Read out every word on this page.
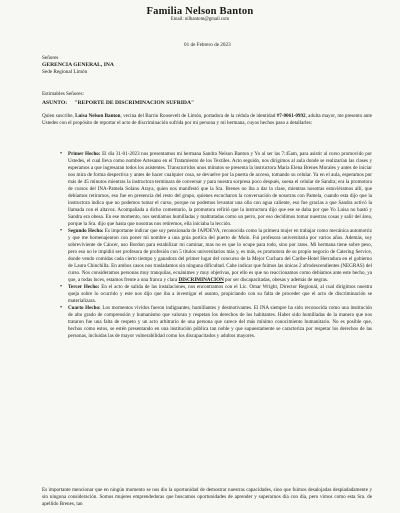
Familia Nelson Banton
Email: nilbantom@gmail.com
01 de Febrero de 2023
Señores
GERENCIA GENERAL, INA
Sede Regional Limón
Estimables Señores:
ASUNTO: "REPORTE DE DISCRIMINACION SUFRIDA"
Quien suscribe, Luisa Nelson Banton, vecina del Barrio Roosevelt de Limón, portadora de la cédula de identidad #7-0061-0992, adulta mayor, me presento ante Ustedes con el propósito de reportar el acto de discriminación sufrida por mi persona y mi hermana, cuyos hechos paso a detallarles:
• Primer Hecho: El día 31-01-2023 nos presentamos mi hermana Sandra Nelson Banton y Yo al ser las 7:45am, para asistir al curso promovido por Ustedes, el cual lleva como nombre Artesano en el Tratamiento de los Textiles. Acto seguido, nos dirigimos al aula donde se realizarían las clases y esperamos a que ingresaran todos los asistentes. Transcurridos unos minutos se presenta la instructora María Elena Brenes Morales y antes de iniciar nos mira de forma despectiva y antes de hacer cualquier cosa, se devuelve por la puerta de acceso, tomando su celular. Ya en el aula, esperamos por más de 45 minutos mientras la instructora terminara de conversar y para nuestra sorpresa poco después, suena el celular de Sandra; era la promotora de cursos del INA-Pamela Solano Araya, quien nos manifestó que la Sra. Brenes no iba a dar la clase, mientras nosotras estuviéramos allí, que debíamos retirarnos, eso fue en presencia del resto del grupo, quienes escucharon la conversación de nosotras con Pamela, cuando esta dijo que la instructora indica que no podemos tomar el curso, porque no podemos levantar una olla con agua caliente, eso fue gracias a que Sandra activó la llamada con el altavoz. Acompañada a dicho comentario, la promotora refirió que la instructora dijo que ese se daba por que Yo Luisa no bastó y Sandra era obesa. En ese momento, nos sentíamos humilladas y maltratadas como un perro, por eso decidimos tomar nuestras cosas y salir del área, porque la Sra. dijo que hasta que nosotras nos retiremos, ella iniciaba la lección.
• Segundo Hecho: Es importante indicar que soy pensionada de JAPDEVA, reconocida como la primera mujer en trabajar como mecánica automotriz y que me homenajearon con poner mi nombre a una grúa portica del puerto de Moín. Fui profesora universitaria por varios años. Además, soy sobreviviente de Cáncer, uso Bordon para estabilizar mi caminar, mas no es que lo ocupe para todo, sino por ratos. Mi hermana tiene sobre peso, pero eso no le impidió ser profesora de profesión con 5 títulos universitarios más y, es más, es promotora de su propio negocio de Catering Service, donde vendo comidas cada cierto tiempo y ganadora del primer lugar del concurso de la Mejor Cuchara del Caribe-Hotel Herradura en el gobierno de Laura Chinchilla. En ambos casos nos trasladamos sin ninguna dificultad. Cabe indicar que fuimos las únicas 2 afrodescendientes (NEGRAS) del curso. Nos consideramos personas muy tranquilas, ecuánimes y muy objetivas, por ello es que no reaccionamos como debíamos ante este hecho, ya que, a todas luces, estamos frente a una franca y clara DISCRIMINACION por ser discapacitadas, obesas y además de negras.
• Tercer Hecho: En el acto de salida de las instalaciones, nos encontramos con el Lic. Omar Wright, Director Regional, al cual dirigimos nuestra queja sobre lo ocurrido y este nos dijo que iba a investigar el asunto, propiciando con su falta de proceder que el acto de discriminación se materializara.
• Cuarto Hecho: Los momentos vividos fueron indignantes, humillantes y desmotivantes. El INA siempre ha sido reconocida como una institución de alto grado de comprensión y humanismo que valoran y respetan los derechos de los habitantes. Haber sido humilladas de la manera que nos trataron fue una falta de respeto y un acto arbitrario de una persona que carece del más mínimo conocimiento humanitario. No es posible que, hechos como estos, se estén presentando en una institución pública tan noble y que supuestamente se caracteriza por respetar los derechos de las personas, incluidas las de mayor vulnerabilidad como los discapacitados y adultos mayores.
Es importante mencionar que en ningún momento se nos dio la oportunidad de demostrar nuestras capacidades, sino que fuimos desalojadas despiadadamente y sin ninguna consideración. Somos mujeres emprendedoras que buscamos oportunidades de aprender y superarnos día con día, pero vimos como esta Sra. de apellido Brenes, tan
